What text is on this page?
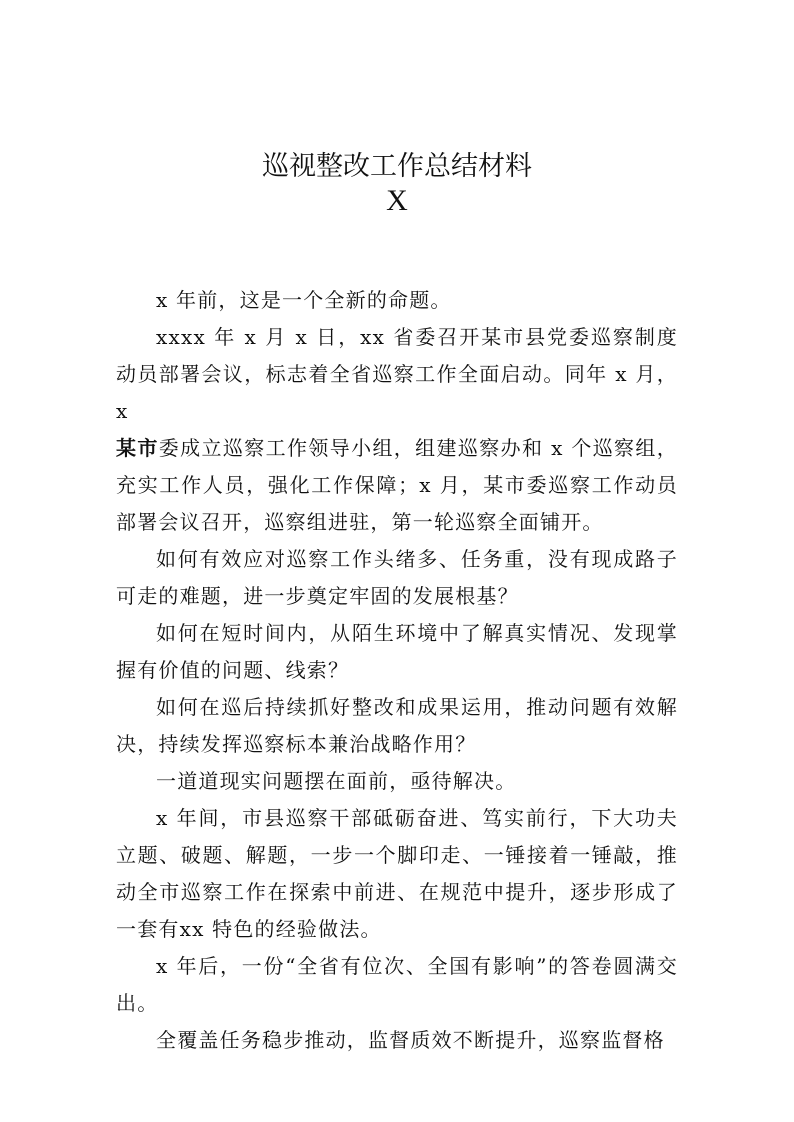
巡视整改工作总结材料
X

x 年前，这是一个全新的命题。

xxxx 年 x 月 x 日，xx 省委召开某市县党委巡察制度动员部署会议，标志着全省巡察工作全面启动。同年 x 月， x
某市委成立巡察工作领导小组，组建巡察办和 x 个巡察组，充实工作人员，强化工作保障；x 月，某市委巡察工作动员部署会议召开，巡察组进驻，第一轮巡察全面铺开。

如何有效应对巡察工作头绪多、任务重，没有现成路子可走的难题，进一步奠定牢固的发展根基？

如何在短时间内，从陌生环境中了解真实情况、发现掌握有价值的问题、线索？

如何在巡后持续抓好整改和成果运用，推动问题有效解决，持续发挥巡察标本兼治战略作用？

一道道现实问题摆在面前，亟待解决。

x 年间，市县巡察干部砥砺奋进、笃实前行，下大功夫立题、破题、解题，一步一个脚印走、一锤接着一锤敲，推动全市巡察工作在探索中前进、在规范中提升，逐步形成了一套有xx 特色的经验做法。

x 年后，一份“全省有位次、全国有影响”的答卷圆满交出。

全覆盖任务稳步推动，监督质效不断提升，巡察监督格
